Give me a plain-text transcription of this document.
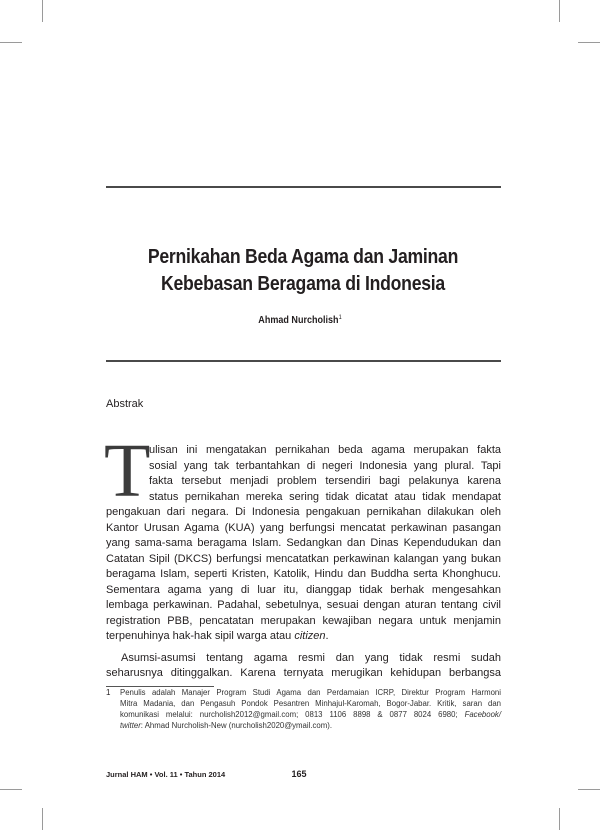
Pernikahan Beda Agama dan Jaminan
Kebebasan Beragama di Indonesia
Ahmad Nurcholish$^1$
Abstrak
T
ulisan ini mengatakan pernikahan beda agama merupakan fakta
sosial yang tak terbantahkan di negeri Indonesia yang plural. Tapi
fakta tersebut menjadi problem tersendiri bagi pelakunya karena
status pernikahan mereka sering tidak dicatat atau tidak mendapat
pengakuan dari negara. Di Indonesia pengakuan pernikahan dilakukan oleh
Kantor Urusan Agama (KUA) yang berfungsi mencatat perkawinan pasangan
yang sama-sama beragama Islam. Sedangkan dan Dinas Kependudukan dan
Catatan Sipil (DKCS) berfungsi mencatatkan perkawinan kalangan yang bukan
beragama Islam, seperti Kristen, Katolik, Hindu dan Buddha serta Khonghucu.
Sementara agama yang di luar itu, dianggap tidak berhak mengesahkan
lembaga perkawinan. Padahal, sebetulnya, sesuai dengan aturan tentang civil
registration PBB, pencatatan merupakan kewajiban negara untuk menjamin
terpenuhinya hak-hak sipil warga atau citizen.
Asumsi-asumsi tentang agama resmi dan yang tidak resmi sudah
seharusnya ditinggalkan. Karena ternyata merugikan kehidupan berbangsa
1 Penulis adalah Manajer Program Studi Agama dan Perdamaian ICRP, Direktur Program Harmoni
Mitra Madania, dan Pengasuh Pondok Pesantren Minhajul-Karomah, Bogor-Jabar. Kritik, saran dan
komunikasi melalui: nurcholish2012@gmail.com; 0813 1106 8898 & 0877 8024 6980; Facebook/
twitter: Ahmad Nurcholish-New (nurcholish2020@ymail.com).
Jurnal HAM • Vol. 11 • Tahun 2014	165
